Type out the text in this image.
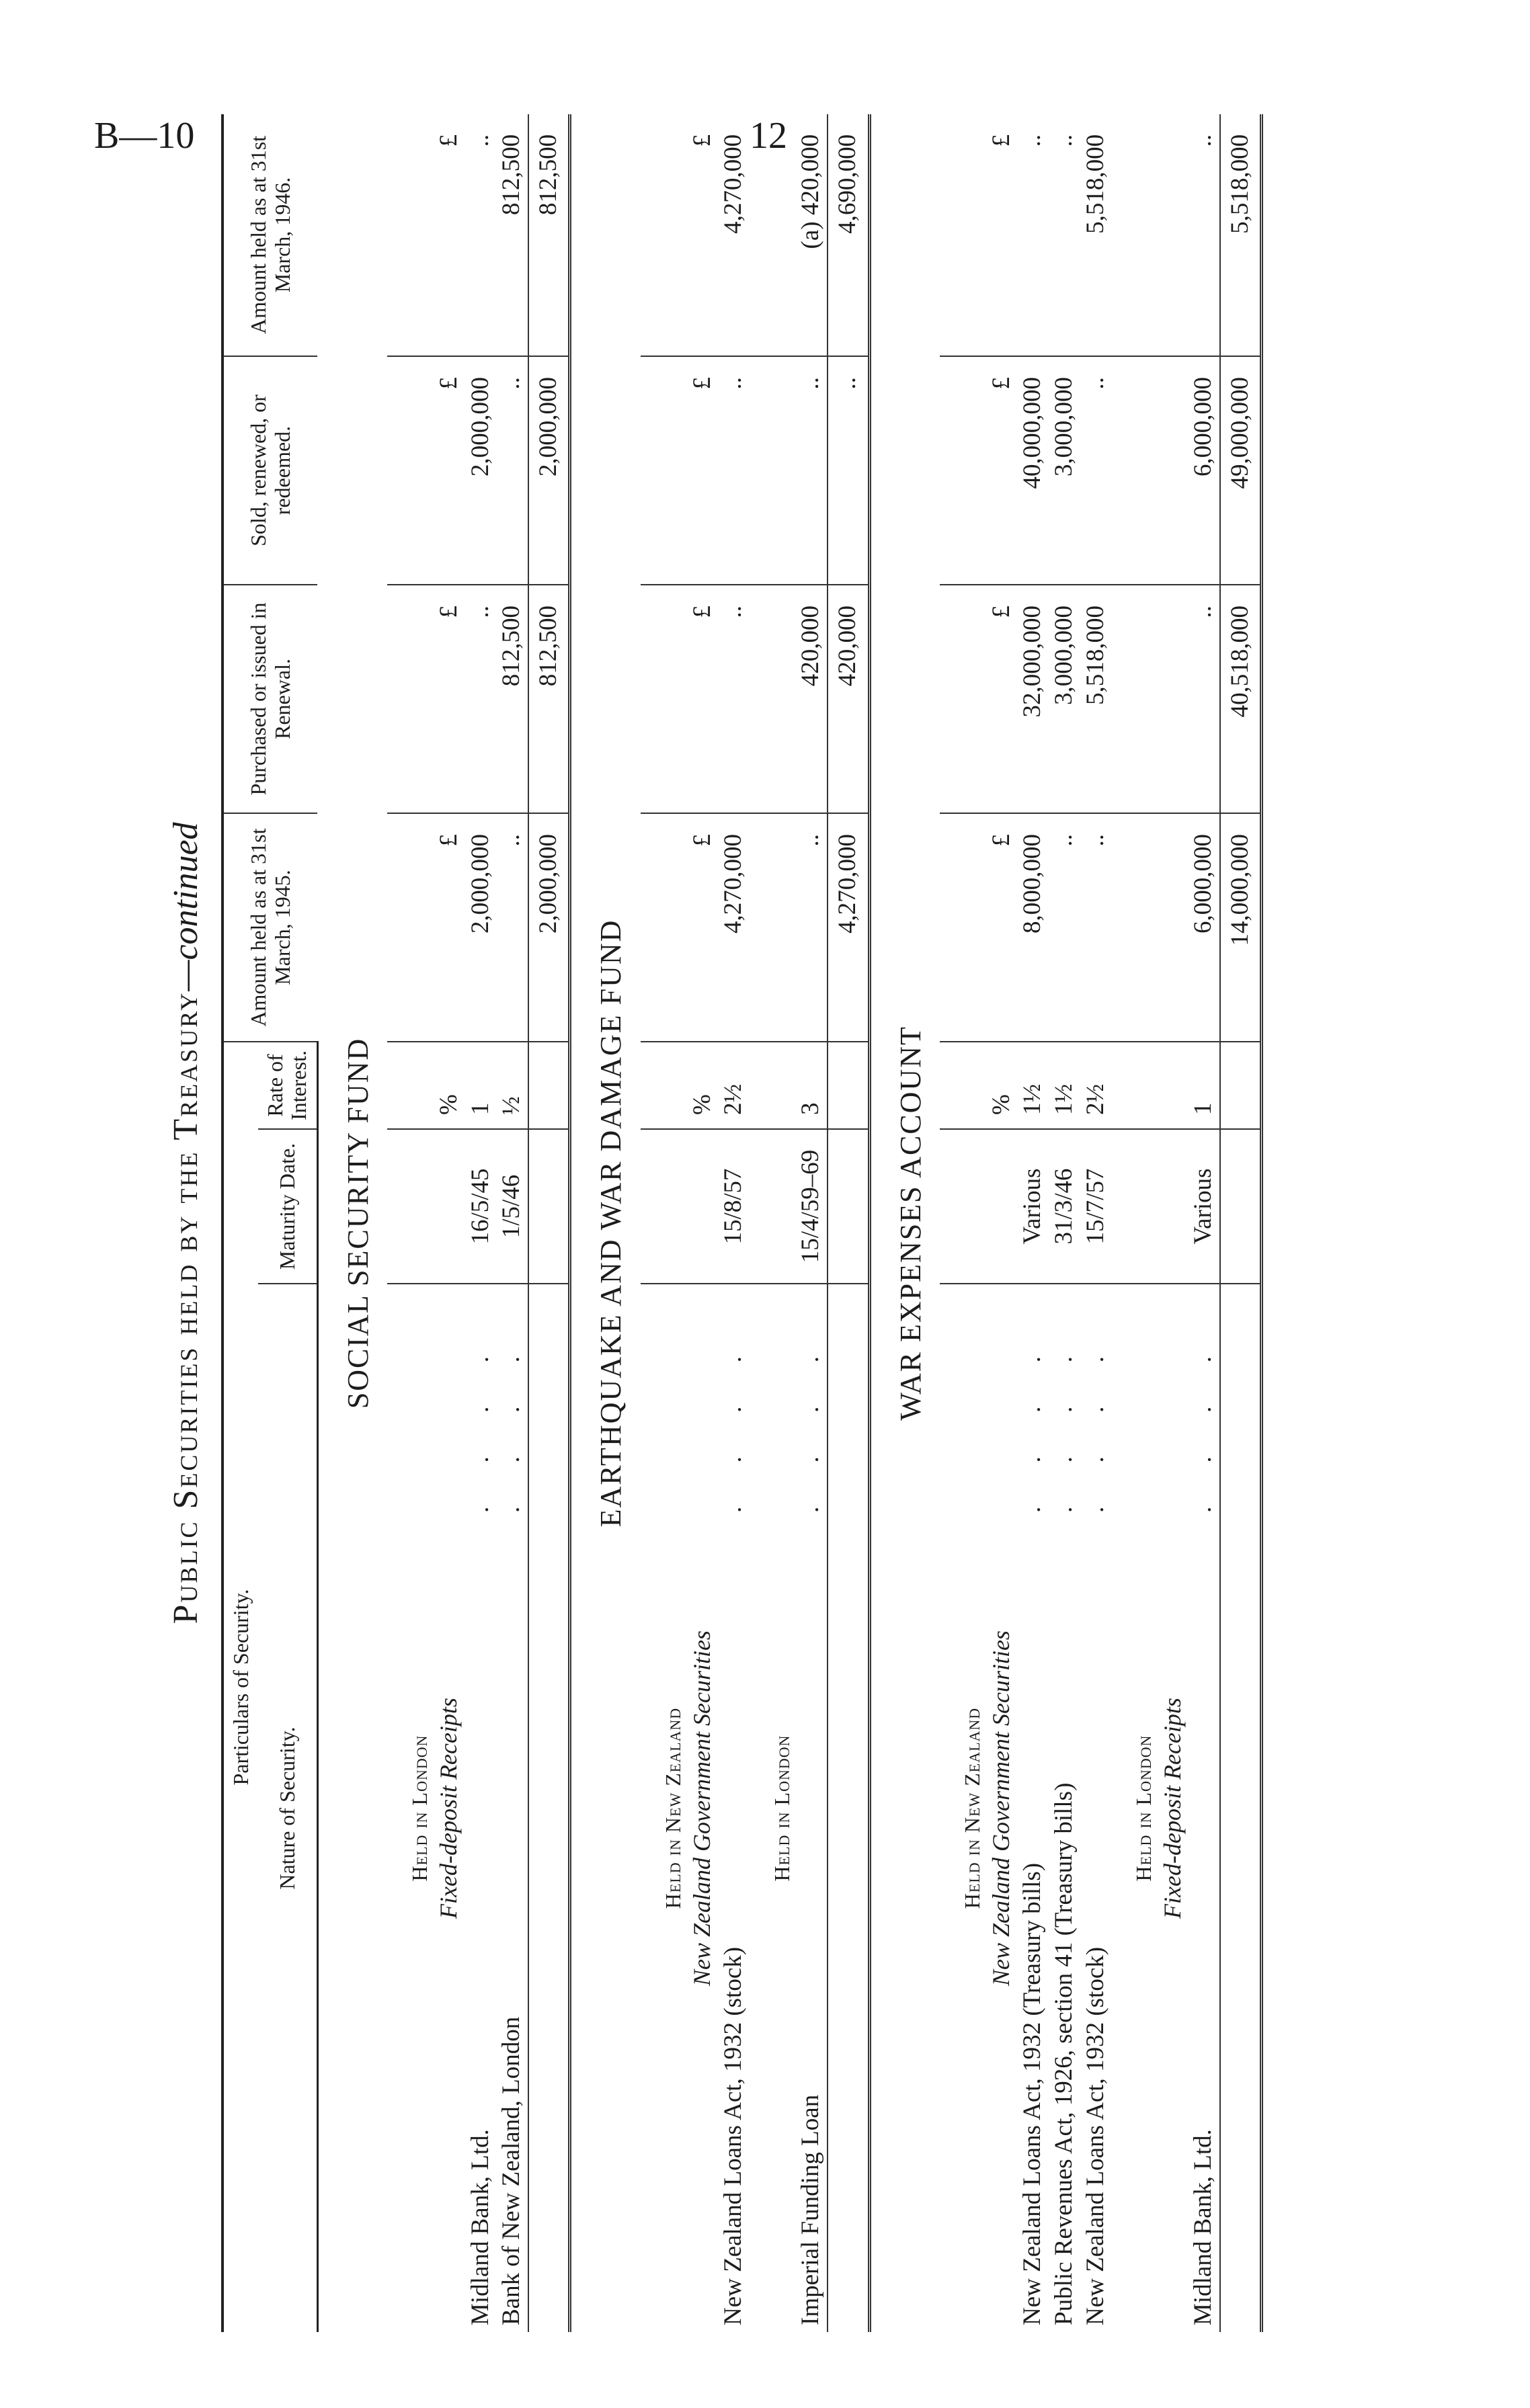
B—10	12
Public Securities held by the Treasury—continued							
Particulars of Security.				Amount held as at 31st March, 1945.	Purchased or issued in Renewal.	Sold, renewed, or redeemed.	Amount held as at 31st March, 1946.
Nature of Security.		Maturity Date.	Rate of Interest.				
SOCIAL SECURITY FUND							
Held in London							
Fixed-deposit Receipts			%	£	£	£	£
Midland Bank, Ltd.	. . . .	16/5/45	1	2,000,000	..	2,000,000	..
Bank of New Zealand, London	. . . .	1/5/46	½	..	812,500	..	812,500
				2,000,000	812,500	2,000,000	812,500
EARTHQUAKE AND WAR DAMAGE FUND							
Held in New Zealand							
New Zealand Government Securities			%	£	£	£	£
New Zealand Loans Act, 1932 (stock)	. . . .	15/8/57	2½	4,270,000	..	..	4,270,000
Held in London							
Imperial Funding Loan	. . . .	15/4/59–69	3	..	420,000	..	(a) 420,000
				4,270,000	420,000	..	4,690,000
WAR EXPENSES ACCOUNT							
Held in New Zealand							
New Zealand Government Securities			%	£	£	£	£
New Zealand Loans Act, 1932 (Treasury bills)	. . . .	Various	1½	8,000,000	32,000,000	40,000,000	..
Public Revenues Act, 1926, section 41 (Treasury bills)	. . . .	31/3/46	1½	..	3,000,000	3,000,000	..
New Zealand Loans Act, 1932 (stock)	. . . .	15/7/57	2½	..	5,518,000	..	5,518,000
Held in London							
Fixed-deposit Receipts							
Midland Bank, Ltd.	. . . .	Various	1	6,000,000	..	6,000,000	..
				14,000,000	40,518,000	49,000,000	5,518,000
